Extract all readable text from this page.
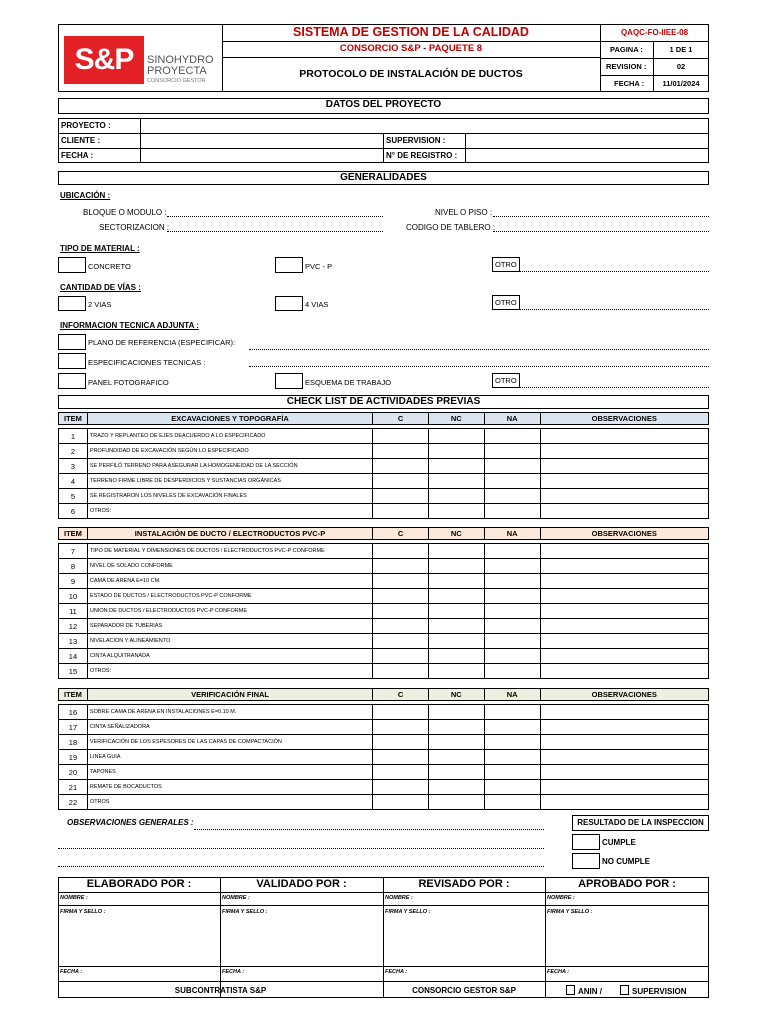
S&P	SINOHYDRO
PROYECTA
CONSORCIO GESTOR
SISTEMA DE GESTION DE LA CALIDAD
CONSORCIO S&P - PAQUETE 8
PROTOCOLO DE INSTALACIÓN DE DUCTOS
QAQC-FO-IIEE-08
PAGINA :	1 DE 1
REVISION :	02
FECHA :	11/01/2024
DATOS DEL PROYECTO
PROYECTO :
CLIENTE :
FECHA :
SUPERVISION :
N° DE REGISTRO :
GENERALIDADES
UBICACIÓN :
BLOQUE O MODULO :
SECTORIZACION :
NIVEL O PISO :
CODIGO DE TABLERO :
TIPO DE MATERIAL :
CONCRETO	PVC - P	OTRO
CANTIDAD DE VÍAS :
2 VIAS	4 VIAS	OTRO
INFORMACION TECNICA ADJUNTA :
PLANO DE REFERENCIA (ESPECIFICAR):
ESPECIFICACIONES TECNICAS :
PANEL FOTOGRAFICO	ESQUEMA DE TRABAJO	OTRO
CHECK LIST DE ACTIVIDADES PREVIAS
ITEM	EXCAVACIONES Y TOPOGRAFÍA	C	NC	NA	OBSERVACIONES

1	TRAZO Y REPLANTEO DE EJES DEACUERDO A LO ESPECIFICADO				
2	PROFUNDIDAD DE EXCAVACIÓN SEGÚN LO ESPECIFICADO				
3	SE PERFILÓ TERRENO PARA ASEGURAR LA HOMOGENEIDAD DE LA SECCIÓN				
4	TERRENO FIRME LIBRE DE DESPERDICIOS Y SUSTANCIAS ORGÁNICAS				
5	SE REGISTRARON LOS NIVELES DE EXCAVACIÓN FINALES				
6	OTROS:				
ITEM	INSTALACIÓN DE DUCTO / ELECTRODUCTOS PVC-P	C	NC	NA	OBSERVACIONES

7	TIPO DE MATERIAL Y DIMENSIONES DE DUCTOS / ELECTRODUCTOS PVC-P CONFORME				
8	NIVEL DE SOLADO CONFORME				
9	CAMA DE ARENA E=10 CM.				
10	ESTADO DE DUCTOS / ELECTRODUCTOS PVC-P CONFORME				
11	UNION DE DUCTOS / ELECTRODUCTOS PVC-P CONFORME				
12	SEPARADOR DE TUBERIAS				
13	NIVELACION Y ALINEAMIENTO				
14	CINTA ALQUITRANADA				
15	OTROS:				
ITEM	VERIFICACIÓN FINAL	C	NC	NA	OBSERVACIONES

16	SOBRE CAMA DE ARENA EN INSTALACIONES E=0.10 M.				
17	CINTA SEÑALIZADORA				
18	VERIFICACIÓN DE LOS ESPESORES DE LAS CAPAS DE COMPACTACIÓN				
19	LINEA GUIA				
20	TAPONES				
21	REMATE DE BOCADUCTOS				
22	OTROS				
OBSERVACIONES GENERALES :	RESULTADO DE LA INSPECCION
CUMPLE
NO CUMPLE
ELABORADO POR :
NOMBRE :
FIRMA Y SELLO :
FECHA :
VALIDADO POR :
NOMBRE :
FIRMA Y SELLO :
FECHA :
REVISADO POR :
NOMBRE :
FIRMA Y SELLO :
FECHA :
APROBADO POR :
NOMBRE :
FIRMA Y SELLO :
FECHA :
SUBCONTRATISTA S&P	CONSORCIO GESTOR S&P	ANIN /	SUPERVISION
